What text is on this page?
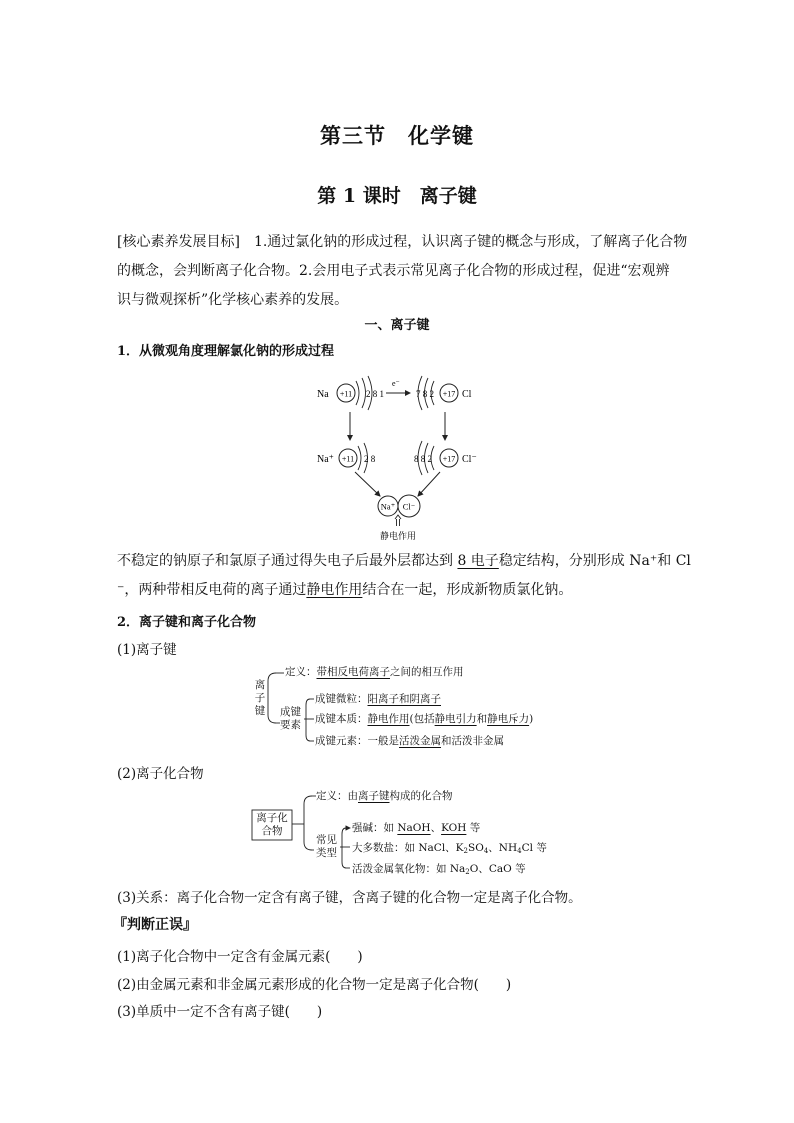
第三节　化学键
第 1 课时　离子键
[核心素养发展目标]　 1.通过氯化钠的形成过程，认识离子键的概念与形成，了解离子化合物
的概念，会判断离子化合物。2.会用电子式表示常见离子化合物的形成过程，促进“宏观辨
识与微观探析”化学核心素养的发展。
一、离子键
1．从微观角度理解氯化钠的形成过程
Na +11 2 8 1
e⁻
7 8 2 +17 Cl
Na⁺ +11 2 8	8 8 2 +17 Cl⁻
Na⁺ Cl⁻
静电作用
不稳定的钠原子和氯原子通过得失电子后最外层都达到 8 电子稳定结构，分别形成 Na⁺和 Cl
⁻，两种带相反电荷的离子通过静电作用结合在一起，形成新物质氯化钠。
2．离子键和离子化合物
(1)离子键
离
子
键
定义：带相反电荷离子之间的相互作用
成键
要素
成键微粒：阳离子和阴离子
成键本质：静电作用(包括静电引力和静电斥力)
成键元素：一般是活泼金属和活泼非金属
(2)离子化合物
离子化
合物
定义：由离子键构成的化合物
常见
类型
强碱：如 NaOH、KOH 等
大多数盐：如 NaCl、$K_2SO_4$、$NH_4Cl$ 等
活泼金属氧化物：如 $Na_2O$、CaO 等
(3)关系：离子化合物一定含有离子键，含离子键的化合物一定是离子化合物。
『判断正误』
(1)离子化合物中一定含有金属元素(　　)
(2)由金属元素和非金属元素形成的化合物一定是离子化合物(　　)
(3)单质中一定不含有离子键(　　)
